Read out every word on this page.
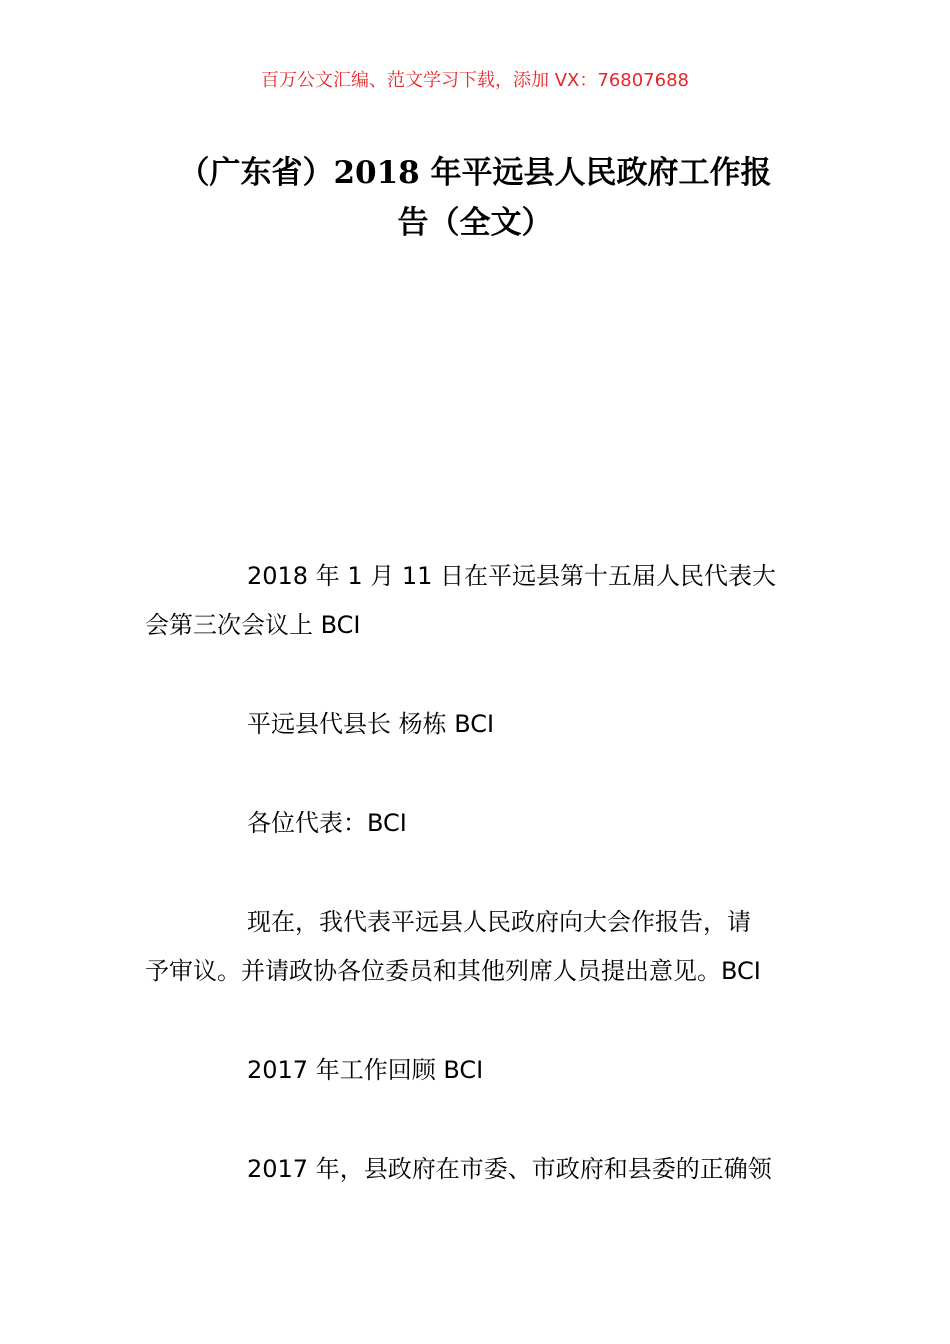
百万公文汇编、范文学习下载，添加 VX：76807688
（广东省）2018 年平远县人民政府工作报
告（全文）

2018 年 1 月 11 日在平远县第十五届人民代表大
会第三次会议上 BCI

平远县代县长 杨栋 BCI

各位代表：BCI

现在，我代表平远县人民政府向大会作报告，请
予审议。并请政协各位委员和其他列席人员提出意见。BCI

2017 年工作回顾 BCI

2017 年，县政府在市委、市政府和县委的正确领
